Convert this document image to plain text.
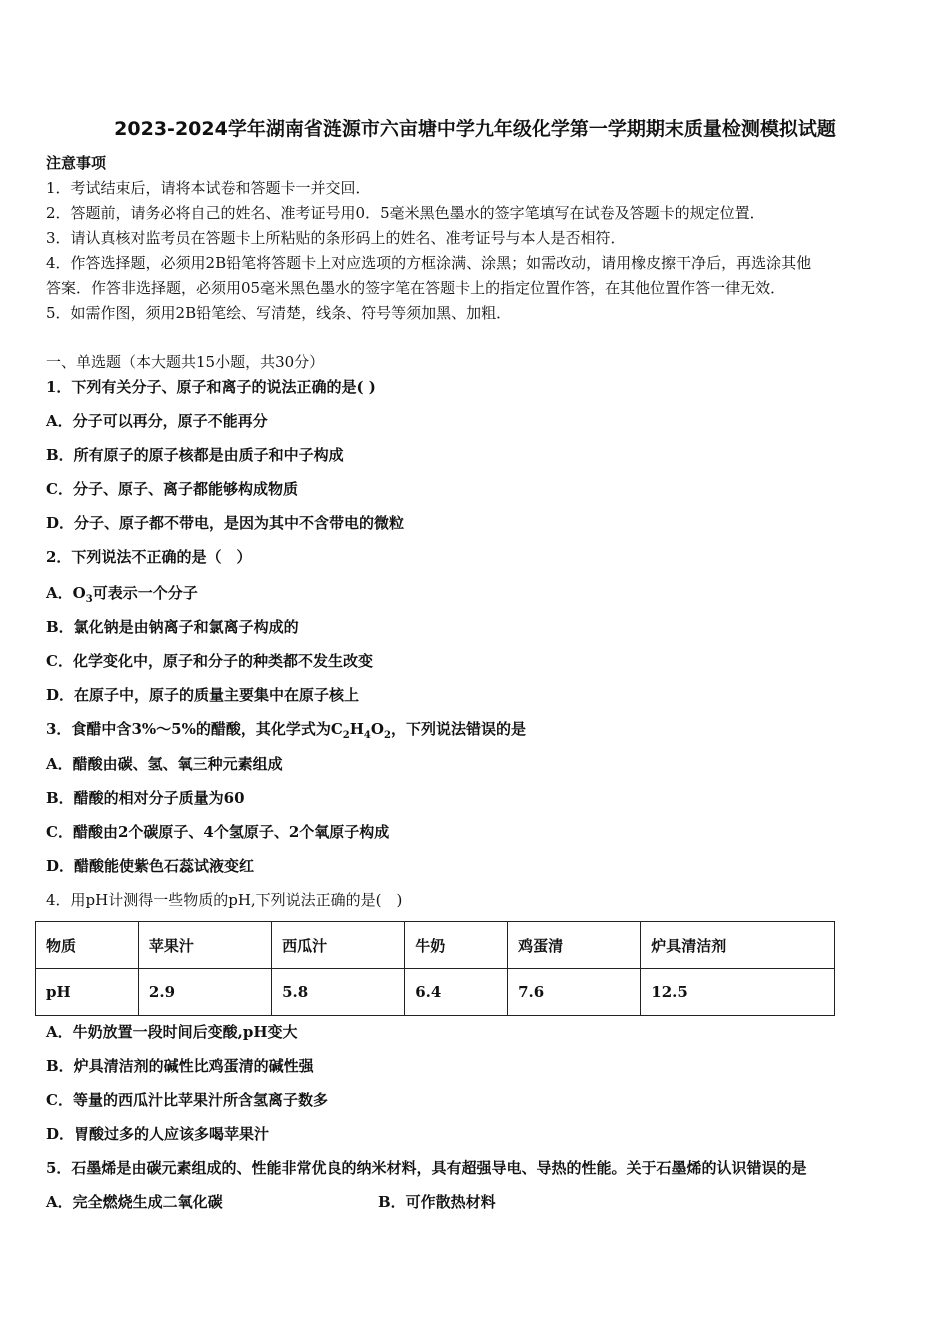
2023-2024学年湖南省涟源市六亩塘中学九年级化学第一学期期末质量检测模拟试题
注意事项
1．考试结束后，请将本试卷和答题卡一并交回．
2．答题前，请务必将自己的姓名、准考证号用0．5毫米黑色墨水的签字笔填写在试卷及答题卡的规定位置．
3．请认真核对监考员在答题卡上所粘贴的条形码上的姓名、准考证号与本人是否相符．
4．作答选择题，必须用2B铅笔将答题卡上对应选项的方框涂满、涂黑；如需改动，请用橡皮擦干净后，再选涂其他
答案．作答非选择题，必须用05毫米黑色墨水的签字笔在答题卡上的指定位置作答，在其他位置作答一律无效．
5．如需作图，须用2B铅笔绘、写清楚，线条、符号等须加黑、加粗．
一、单选题（本大题共15小题，共30分）
1．下列有关分子、原子和离子的说法正确的是( )
A．分子可以再分，原子不能再分
B．所有原子的原子核都是由质子和中子构成
C．分子、原子、离子都能够构成物质
D．分子、原子都不带电，是因为其中不含带电的微粒
2．下列说法不正确的是（　）
A．$O_3$可表示一个分子
B．氯化钠是由钠离子和氯离子构成的
C．化学变化中，原子和分子的种类都不发生改变
D．在原子中，原子的质量主要集中在原子核上
3．食醋中含3%～5%的醋酸，其化学式为$C_2H_4O_2$，下列说法错误的是
A．醋酸由碳、氢、氧三种元素组成
B．醋酸的相对分子质量为60
C．醋酸由2个碳原子、4个氢原子、2个氧原子构成
D．醋酸能使紫色石蕊试液变红
4．用pH计测得一些物质的pH,下列说法正确的是(　)
物质	苹果汁	西瓜汁	牛奶	鸡蛋清	炉具清洁剂
pH	2.9	5.8	6.4	7.6	12.5
A．牛奶放置一段时间后变酸,pH变大
B．炉具清洁剂的碱性比鸡蛋清的碱性强
C．等量的西瓜汁比苹果汁所含氢离子数多
D．胃酸过多的人应该多喝苹果汁
5．石墨烯是由碳元素组成的、性能非常优良的纳米材料，具有超强导电、导热的性能。关于石墨烯的认识错误的是
A．完全燃烧生成二氧化碳	B．可作散热材料
